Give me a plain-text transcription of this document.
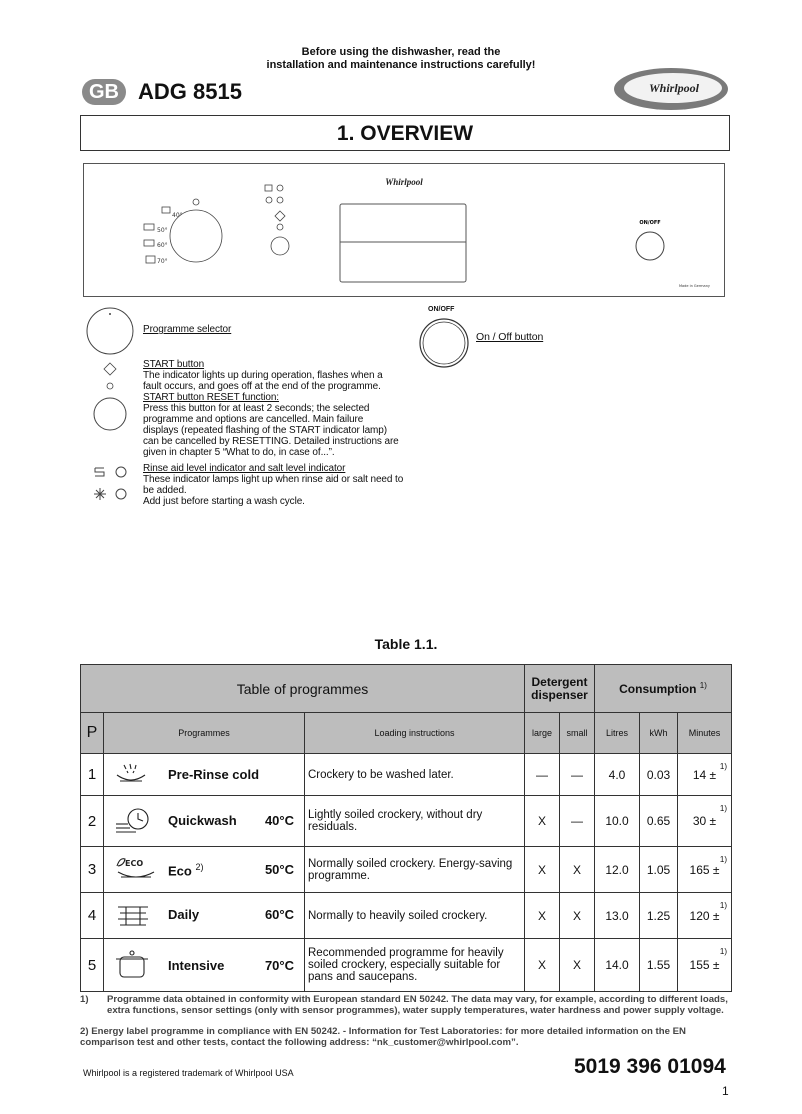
Before using the dishwasher, read the
installation and maintenance instructions carefully!
GB ADG 8515	Whirlpool
1. OVERVIEW
40°
50°
60°
70°
Whirlpool
ON/OFF
Made in Germany
Programme selector
ON/OFF
On / Off button
START button
The indicator lights up during operation, flashes when a
fault occurs, and goes off at the end of the programme.
START button RESET function:
Press this button for at least 2 seconds; the selected
programme and options are cancelled. Main failure
displays (repeated flashing of the START indicator lamp)
can be cancelled by RESETTING. Detailed instructions are
given in chapter 5 “What to do, in case of...”.
Rinse aid level indicator and salt level indicator
These indicator lamps light up when rinse aid or salt need to
be added.
Add just before starting a wash cycle.
Table 1.1.
Table of programmes			Detergent dispenser		Consumption $^{1)}$
P	Programmes	Loading instructions	large	small	Litres	kWh	Minutes
1	Pre-Rinse cold	Crockery to be washed later.	—	—	4.0	0.03	14 ±
1)

2	Quickwash 40°C	Lightly soiled crockery, without dry residuals.	X	—	10.0	0.65	30 ±
1)

3	ECO Eco $^{2)}$ 50°C	Normally soiled crockery. Energy-saving programme.	X	X	12.0	1.05	165 ±
1)

4	Daily 60°C	Normally to heavily soiled crockery.	X	X	13.0	1.25	120 ±
1)

5	Intensive 70°C	Recommended programme for heavily soiled crockery, especially suitable for pans and saucepans.	X	X	14.0	1.55	155 ±
1)
1)	Programme data obtained in conformity with European standard EN 50242. The data may vary, for example, according to different loads, extra functions, sensor settings (only with sensor programmes), water supply temperatures, water hardness and power supply voltage.
2) Energy label programme in compliance with EN 50242. - Information for Test Laboratories: for more detailed information on the EN comparison test and other tests, contact the following address: “nk_customer@whirlpool.com”.
Whirlpool is a registered trademark of Whirlpool USA	5019 396 01094
1
